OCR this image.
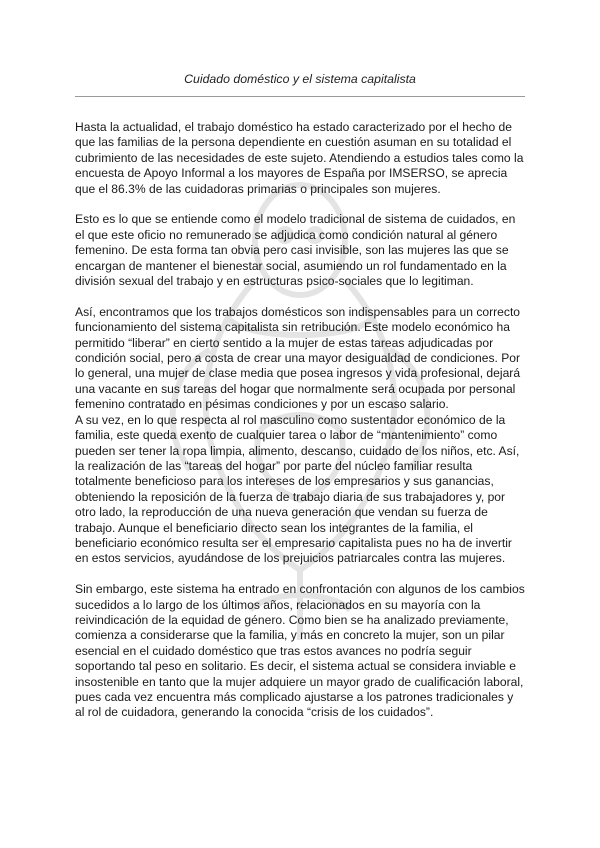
Cuidado doméstico y el sistema capitalista

Hasta la actualidad, el trabajo doméstico ha estado caracterizado por el hecho de que las familias de la persona dependiente en cuestión asuman en su totalidad el cubrimiento de las necesidades de este sujeto. Atendiendo a estudios tales como la encuesta de Apoyo Informal a los mayores de España por IMSERSO, se aprecia que el 86.3% de las cuidadoras primarias o principales son mujeres.

Esto es lo que se entiende como el modelo tradicional de sistema de cuidados, en el que este oficio no remunerado se adjudica como condición natural al género femenino. De esta forma tan obvia pero casi invisible, son las mujeres las que se encargan de mantener el bienestar social, asumiendo un rol fundamentado en la división sexual del trabajo y en estructuras psico-sociales que lo legitiman.

Así, encontramos que los trabajos domésticos son indispensables para un correcto funcionamiento del sistema capitalista sin retribución. Este modelo económico ha permitido “liberar” en cierto sentido a la mujer de estas tareas adjudicadas por condición social, pero a costa de crear una mayor desigualdad de condiciones. Por lo general, una mujer de clase media que posea ingresos y vida profesional, dejará una vacante en sus tareas del hogar que normalmente será ocupada por personal femenino contratado en pésimas condiciones y por un escaso salario.

A su vez, en lo que respecta al rol masculino como sustentador económico de la familia, este queda exento de cualquier tarea o labor de “mantenimiento” como pueden ser tener la ropa limpia, alimento, descanso, cuidado de los niños, etc. Así, la realización de las “tareas del hogar” por parte del núcleo familiar resulta totalmente beneficioso para los intereses de los empresarios y sus ganancias, obteniendo la reposición de la fuerza de trabajo diaria de sus trabajadores y, por otro lado, la reproducción de una nueva generación que vendan su fuerza de trabajo. Aunque el beneficiario directo sean los integrantes de la familia, el beneficiario económico resulta ser el empresario capitalista pues no ha de invertir en estos servicios, ayudándose de los prejuicios patriarcales contra las mujeres.

Sin embargo, este sistema ha entrado en confrontación con algunos de los cambios sucedidos a lo largo de los últimos años, relacionados en su mayoría con la reivindicación de la equidad de género. Como bien se ha analizado previamente, comienza a considerarse que la familia, y más en concreto la mujer, son un pilar esencial en el cuidado doméstico que tras estos avances no podría seguir soportando tal peso en solitario. Es decir, el sistema actual se considera inviable e insostenible en tanto que la mujer adquiere un mayor grado de cualificación laboral, pues cada vez encuentra más complicado ajustarse a los patrones tradicionales y al rol de cuidadora, generando la conocida “crisis de los cuidados”.
